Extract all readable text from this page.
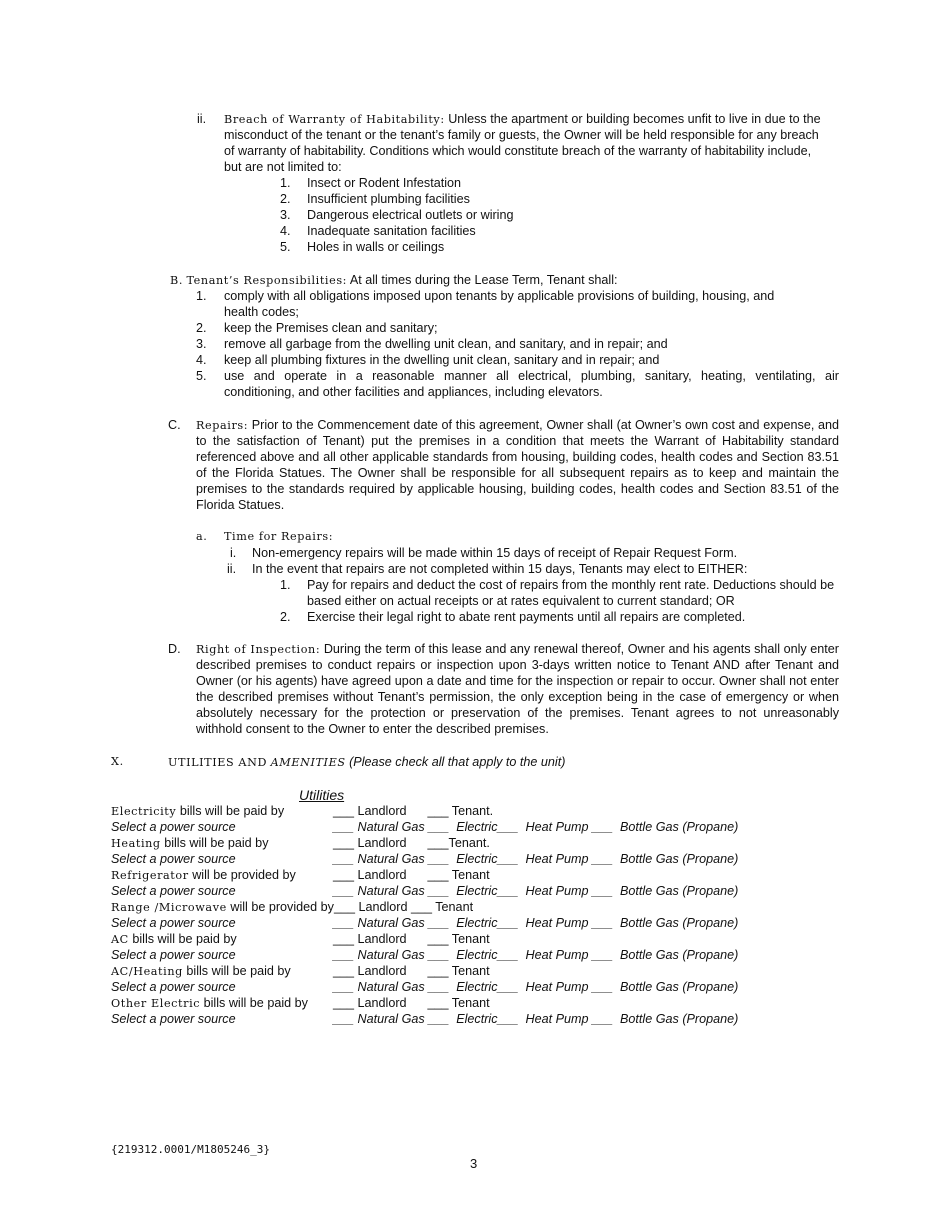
ii. Breach of Warranty of Habitability: Unless the apartment or building becomes unfit to live in due to the
misconduct of the tenant or the tenant’s family or guests, the Owner will be held responsible for any breach
of warranty of habitability. Conditions which would constitute breach of the warranty of habitability include,
but are not limited to:
1. Insect or Rodent Infestation
2. Insufficient plumbing facilities
3. Dangerous electrical outlets or wiring
4. Inadequate sanitation facilities
5. Holes in walls or ceilings
B. Tenant’s Responsibilities: At all times during the Lease Term, Tenant shall:
1. comply with all obligations imposed upon tenants by applicable provisions of building, housing, and
health codes;
2. keep the Premises clean and sanitary;
3. remove all garbage from the dwelling unit clean, and sanitary, and in repair; and
4. keep all plumbing fixtures in the dwelling unit clean, sanitary and in repair; and
5. use and operate in a reasonable manner all electrical, plumbing, sanitary, heating, ventilating, air
conditioning, and other facilities and appliances, including elevators.
C. Repairs: Prior to the Commencement date of this agreement, Owner shall (at Owner’s own cost and expense, and
to the satisfaction of Tenant) put the premises in a condition that meets the Warrant of Habitability standard
referenced above and all other applicable standards from housing, building codes, health codes and Section 83.51
of the Florida Statues. The Owner shall be responsible for all subsequent repairs as to keep and maintain the
premises to the standards required by applicable housing, building codes, health codes and Section 83.51 of the
Florida Statues.
a. Time for Repairs:
i. Non-emergency repairs will be made within 15 days of receipt of Repair Request Form.
ii. In the event that repairs are not completed within 15 days, Tenants may elect to EITHER:
1. Pay for repairs and deduct the cost of repairs from the monthly rent rate. Deductions should be
based either on actual receipts or at rates equivalent to current standard; OR
2. Exercise their legal right to abate rent payments until all repairs are completed.
D. Right of Inspection: During the term of this lease and any renewal thereof, Owner and his agents shall only enter
described premises to conduct repairs or inspection upon 3-days written notice to Tenant AND after Tenant and
Owner (or his agents) have agreed upon a date and time for the inspection or repair to occur. Owner shall not enter
the described premises without Tenant’s permission, the only exception being in the case of emergency or when
absolutely necessary for the protection or preservation of the premises. Tenant agrees to not unreasonably
withhold consent to the Owner to enter the described premises.
X.	UTILITIES AND AMENITIES (Please check all that apply to the unit)
Utilities
Electricity bills will be paid by	___ Landlord      ___ Tenant.
Select a power source	___ Natural Gas ___  Electric___  Heat Pump ___  Bottle Gas (Propane)
Heating bills will be paid by	___ Landlord      ___Tenant.
Select a power source	___ Natural Gas ___  Electric___  Heat Pump ___  Bottle Gas (Propane)
Refrigerator will be provided by	___ Landlord      ___ Tenant
Select a power source	___ Natural Gas ___  Electric___  Heat Pump ___  Bottle Gas (Propane)
Range /Microwave will be provided by___ Landlord ___ Tenant
Select a power source	___ Natural Gas ___  Electric___  Heat Pump ___  Bottle Gas (Propane)
AC bills will be paid by	___ Landlord      ___ Tenant
Select a power source	___ Natural Gas ___  Electric___  Heat Pump ___  Bottle Gas (Propane)
AC/Heating bills will be paid by	___ Landlord      ___ Tenant
Select a power source	___ Natural Gas ___  Electric___  Heat Pump ___  Bottle Gas (Propane)
Other Electric bills will be paid by ___ Landlord      ___ Tenant
Select a power source	___ Natural Gas ___  Electric___  Heat Pump ___  Bottle Gas (Propane)
{219312.0001/M1805246_3}
3
